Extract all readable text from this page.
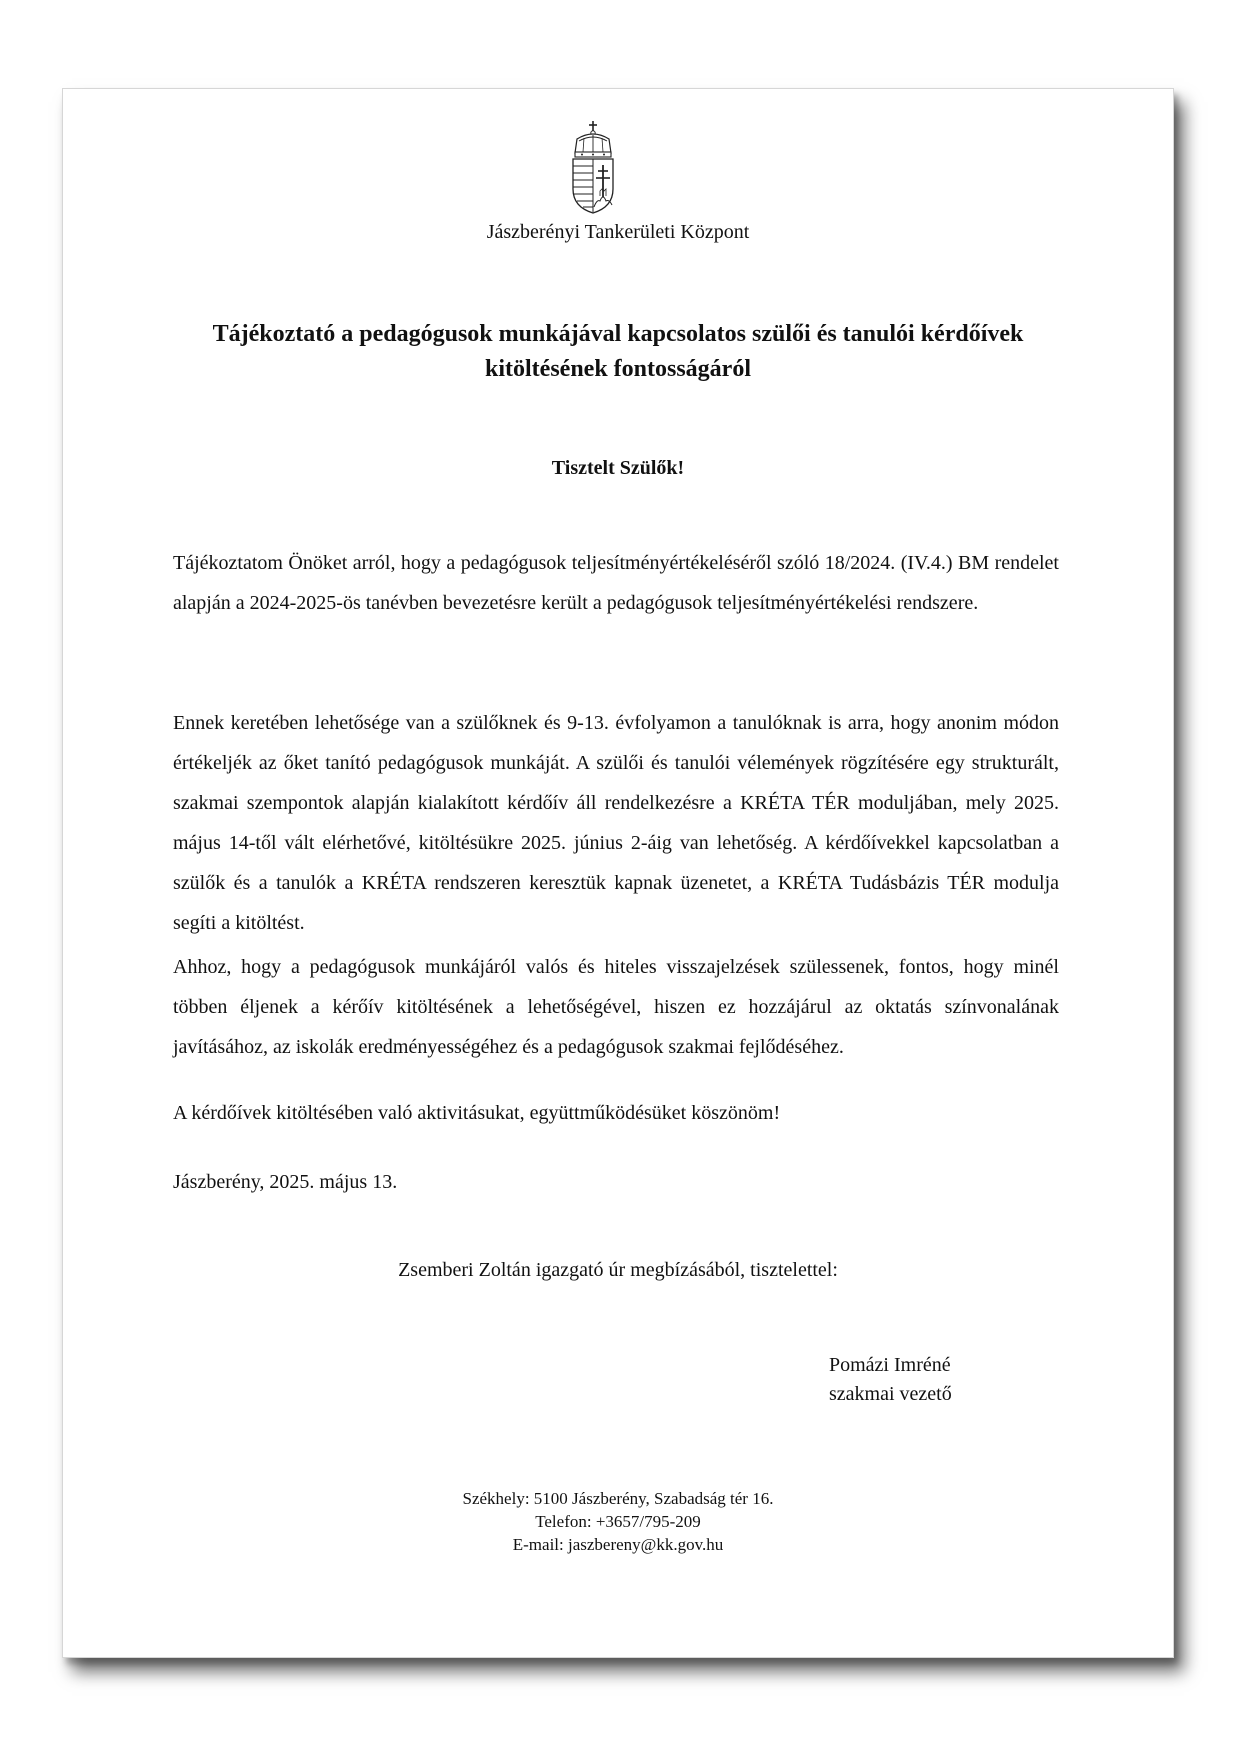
Jászberényi Tankerületi Központ
Tájékoztató a pedagógusok munkájával kapcsolatos szülői és tanulói kérdőívek
kitöltésének fontosságáról
Tisztelt Szülők!

Tájékoztatom Önöket arról, hogy a pedagógusok teljesítményértékeléséről szóló 18/2024. (IV.4.) BM rendelet alapján a 2024-2025-ös tanévben bevezetésre került a pedagógusok teljesítményértékelési rendszere.

Ennek keretében lehetősége van a szülőknek és 9-13. évfolyamon a tanulóknak is arra, hogy anonim módon értékeljék az őket tanító pedagógusok munkáját. A szülői és tanulói vélemények rögzítésére egy strukturált, szakmai szempontok alapján kialakított kérdőív áll rendelkezésre a KRÉTA TÉR moduljában, mely 2025. május 14-től vált elérhetővé, kitöltésükre 2025. június 2-áig van lehetőség. A kérdőívekkel kapcsolatban a szülők és a tanulók a KRÉTA rendszeren keresztük kapnak üzenetet, a KRÉTA Tudásbázis TÉR modulja segíti a kitöltést.

Ahhoz, hogy a pedagógusok munkájáról valós és hiteles visszajelzések szülessenek, fontos, hogy minél többen éljenek a kérőív kitöltésének a lehetőségével, hiszen ez hozzájárul az oktatás színvonalának javításához, az iskolák eredményességéhez és a pedagógusok szakmai fejlődéséhez.

A kérdőívek kitöltésében való aktivitásukat, együttműködésüket köszönöm!

Jászberény, 2025. május 13.
Zsemberi Zoltán igazgató úr megbízásából, tisztelettel:
Pomázi Imréné
szakmai vezető
Székhely: 5100 Jászberény, Szabadság tér 16.
Telefon: +3657/795-209
E-mail: jaszbereny@kk.gov.hu
